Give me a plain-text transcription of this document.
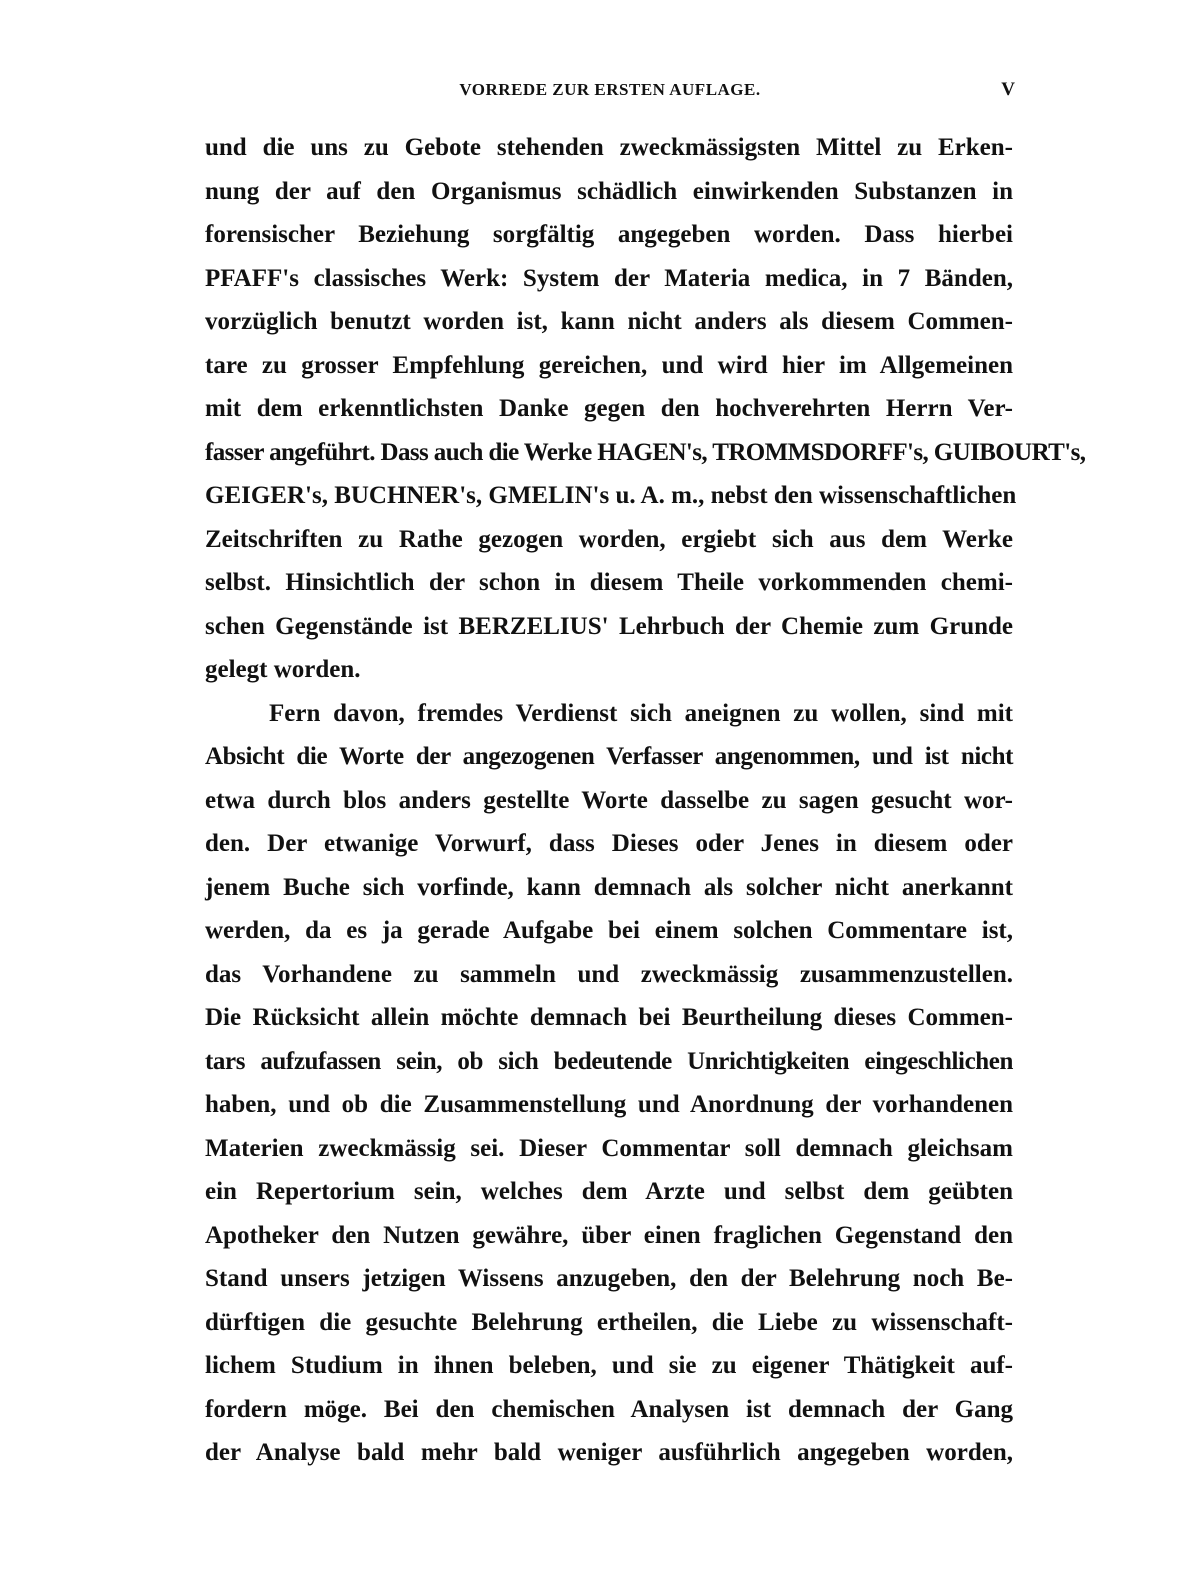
VORREDE ZUR ERSTEN AUFLAGE.	V
und die uns zu Gebote stehenden zweckmässigsten Mittel zu Erken-
nung der auf den Organismus schädlich einwirkenden Substanzen in
forensischer Beziehung sorgfältig angegeben worden. Dass hierbei
PFAFF's classisches Werk: System der Materia medica, in 7 Bänden,
vorzüglich benutzt worden ist, kann nicht anders als diesem Commen-
tare zu grosser Empfehlung gereichen, und wird hier im Allgemeinen
mit dem erkenntlichsten Danke gegen den hochverehrten Herrn Ver-
fasser angeführt. Dass auch die Werke HAGEN's, TROMMSDORFF's, GUIBOURT's,
GEIGER's, BUCHNER's, GMELIN's u. A. m., nebst den wissenschaftlichen
Zeitschriften zu Rathe gezogen worden, ergiebt sich aus dem Werke
selbst. Hinsichtlich der schon in diesem Theile vorkommenden chemi-
schen Gegenstände ist BERZELIUS' Lehrbuch der Chemie zum Grunde
gelegt worden.
Fern davon, fremdes Verdienst sich aneignen zu wollen, sind mit
Absicht die Worte der angezogenen Verfasser angenommen, und ist nicht
etwa durch blos anders gestellte Worte dasselbe zu sagen gesucht wor-
den. Der etwanige Vorwurf, dass Dieses oder Jenes in diesem oder
jenem Buche sich vorfinde, kann demnach als solcher nicht anerkannt
werden, da es ja gerade Aufgabe bei einem solchen Commentare ist,
das Vorhandene zu sammeln und zweckmässig zusammenzustellen.
Die Rücksicht allein möchte demnach bei Beurtheilung dieses Commen-
tars aufzufassen sein, ob sich bedeutende Unrichtigkeiten eingeschlichen
haben, und ob die Zusammenstellung und Anordnung der vorhandenen
Materien zweckmässig sei. Dieser Commentar soll demnach gleichsam
ein Repertorium sein, welches dem Arzte und selbst dem geübten
Apotheker den Nutzen gewähre, über einen fraglichen Gegenstand den
Stand unsers jetzigen Wissens anzugeben, den der Belehrung noch Be-
dürftigen die gesuchte Belehrung ertheilen, die Liebe zu wissenschaft-
lichem Studium in ihnen beleben, und sie zu eigener Thätigkeit auf-
fordern möge. Bei den chemischen Analysen ist demnach der Gang
der Analyse bald mehr bald weniger ausführlich angegeben worden,
